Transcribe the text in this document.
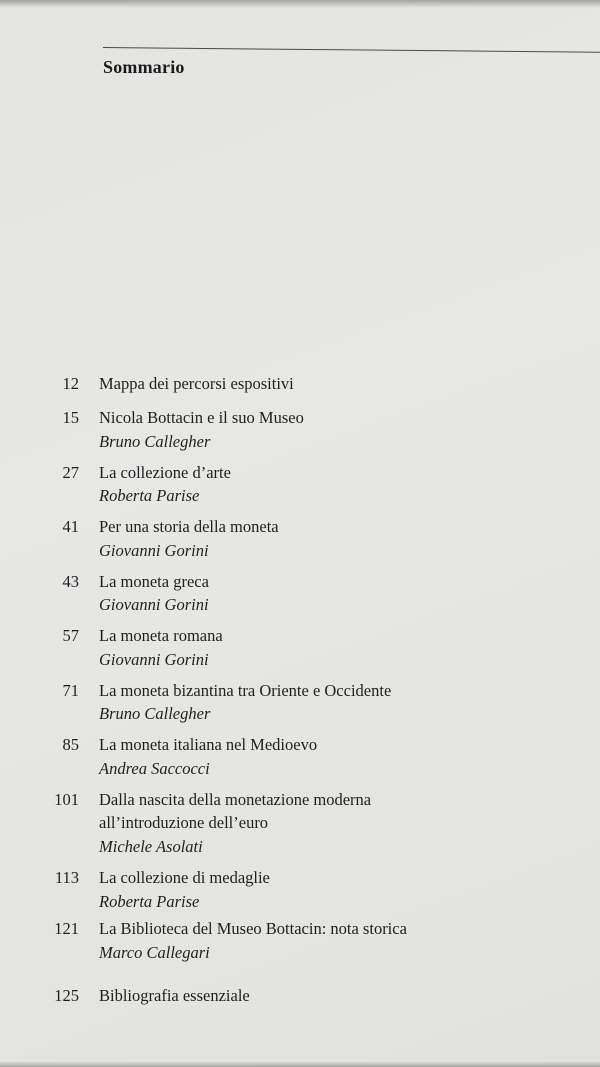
Sommario
12 Mappa dei percorsi espositivi
15 Nicola Bottacin e il suo Museo
Bruno Callegher
27 La collezione d’arte
Roberta Parise
41 Per una storia della moneta
Giovanni Gorini
43 La moneta greca
Giovanni Gorini
57 La moneta romana
Giovanni Gorini
71 La moneta bizantina tra Oriente e Occidente
Bruno Callegher
85 La moneta italiana nel Medioevo
Andrea Saccocci
101 Dalla nascita della monetazione moderna
all’introduzione dell’euro
Michele Asolati
113 La collezione di medaglie
Roberta Parise
121 La Biblioteca del Museo Bottacin: nota storica
Marco Callegari
125 Bibliografia essenziale
